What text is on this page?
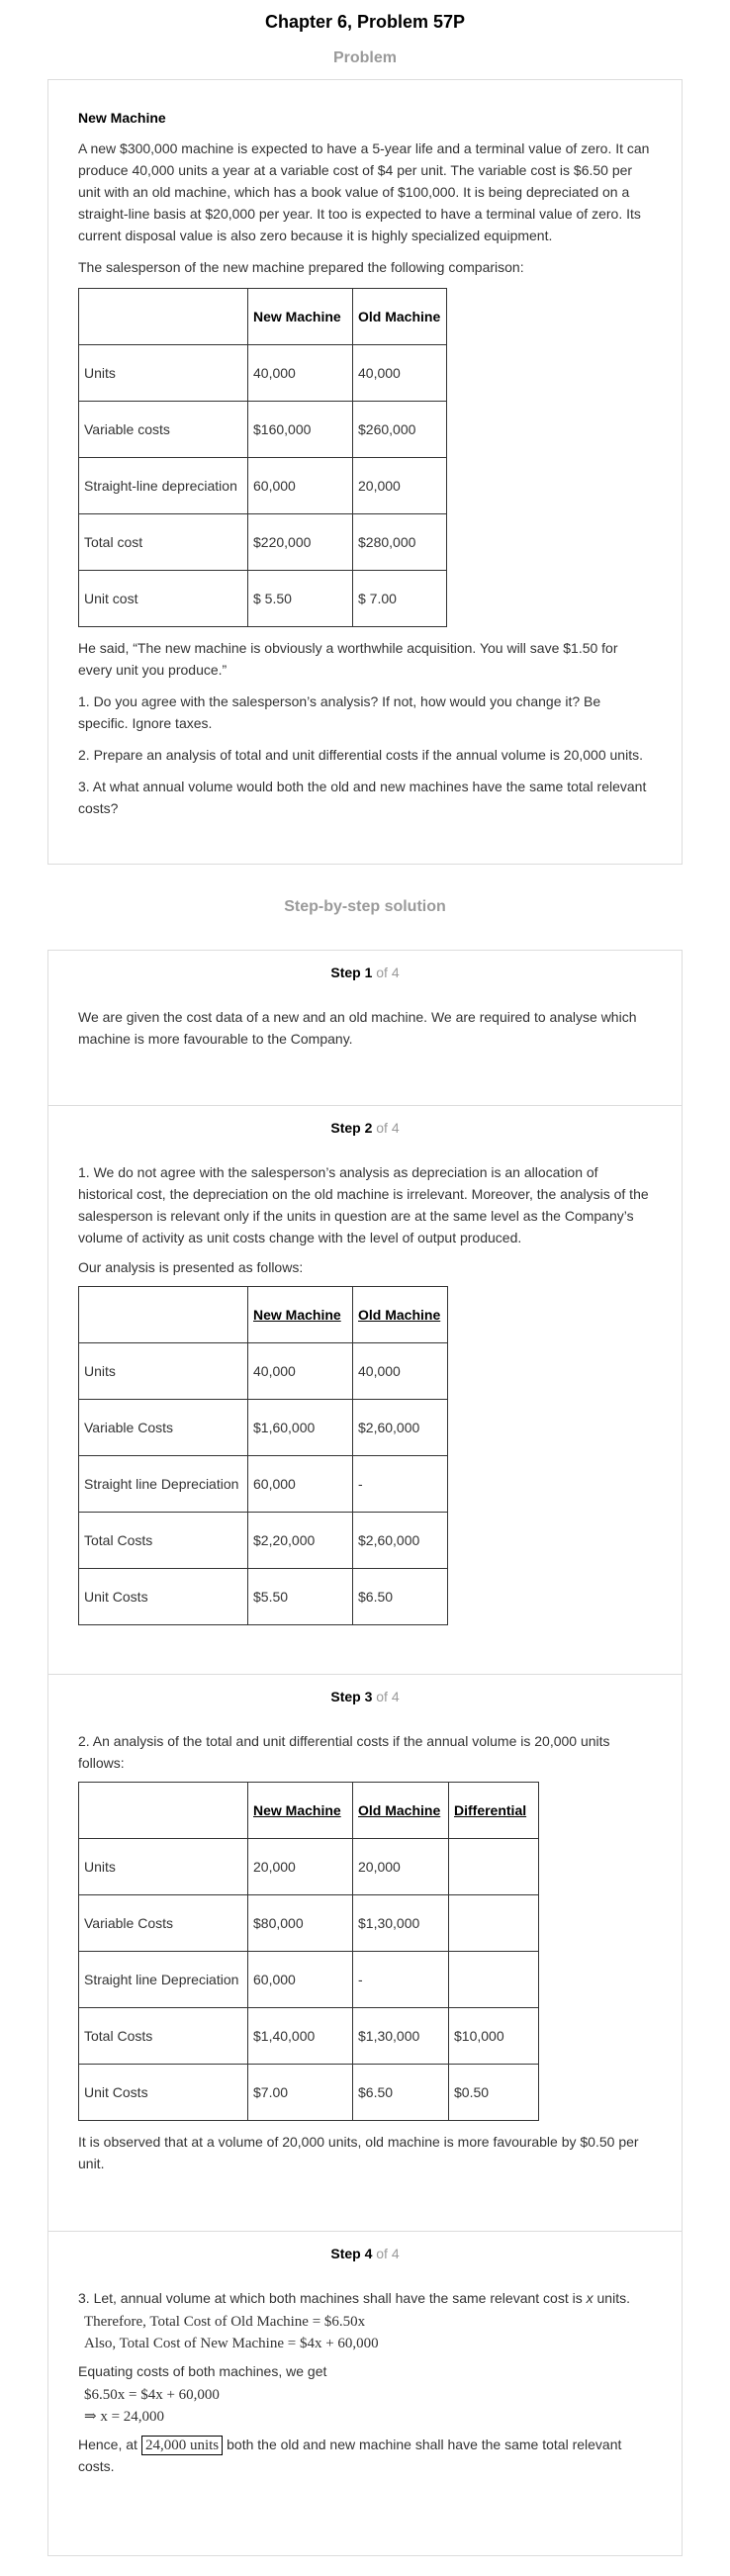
Chapter 6, Problem 57P
Problem
New Machine

A new $300,000 machine is expected to have a 5-year life and a terminal value of zero. It can produce 40,000 units a year at a variable cost of $4 per unit. The variable cost is $6.50 per unit with an old machine, which has a book value of $100,000. It is being depreciated on a straight-line basis at $20,000 per year. It too is expected to have a terminal value of zero. Its current disposal value is also zero because it is highly specialized equipment.

The salesperson of the new machine prepared the following comparison:

	New Machine	Old Machine
Units	40,000	40,000
Variable costs	$160,000	$260,000
Straight-line depreciation	60,000	20,000
Total cost	$220,000	$280,000
Unit cost	$ 5.50	$ 7.00

He said, “The new machine is obviously a worthwhile acquisition. You will save $1.50 for every unit you produce.”

1. Do you agree with the salesperson’s analysis? If not, how would you change it? Be specific. Ignore taxes.

2. Prepare an analysis of total and unit differential costs if the annual volume is 20,000 units.

3. At what annual volume would both the old and new machines have the same total relevant costs?

Step-by-step solution
Step 1 of 4

We are given the cost data of a new and an old machine. We are required to analyse which machine is more favourable to the Company.

Step 2 of 4

1. We do not agree with the salesperson’s analysis as depreciation is an allocation of historical cost, the depreciation on the old machine is irrelevant. Moreover, the analysis of the salesperson is relevant only if the units in question are at the same level as the Company’s volume of activity as unit costs change with the level of output produced.

Our analysis is presented as follows:

	New Machine	Old Machine
Units	40,000	40,000
Variable Costs	$1,60,000	$2,60,000
Straight line Depreciation	60,000	-
Total Costs	$2,20,000	$2,60,000
Unit Costs	$5.50	$6.50
Step 3 of 4

2. An analysis of the total and unit differential costs if the annual volume is 20,000 units follows:

	New Machine	Old Machine	Differential
Units	20,000	20,000	
Variable Costs	$80,000	$1,30,000	
Straight line Depreciation	60,000	-	
Total Costs	$1,40,000	$1,30,000	$10,000
Unit Costs	$7.00	$6.50	$0.50

It is observed that at a volume of 20,000 units, old machine is more favourable by $0.50 per unit.

Step 4 of 4

3. Let, annual volume at which both machines shall have the same relevant cost is x units.

Therefore, Total Cost of Old Machine = $6.50x
Also, Total Cost of New Machine = $4x + 60,000

Equating costs of both machines, we get

$6.50x = $4x + 60,000
⇒ x = 24,000

Hence, at 24,000 units both the old and new machine shall have the same total relevant costs.
